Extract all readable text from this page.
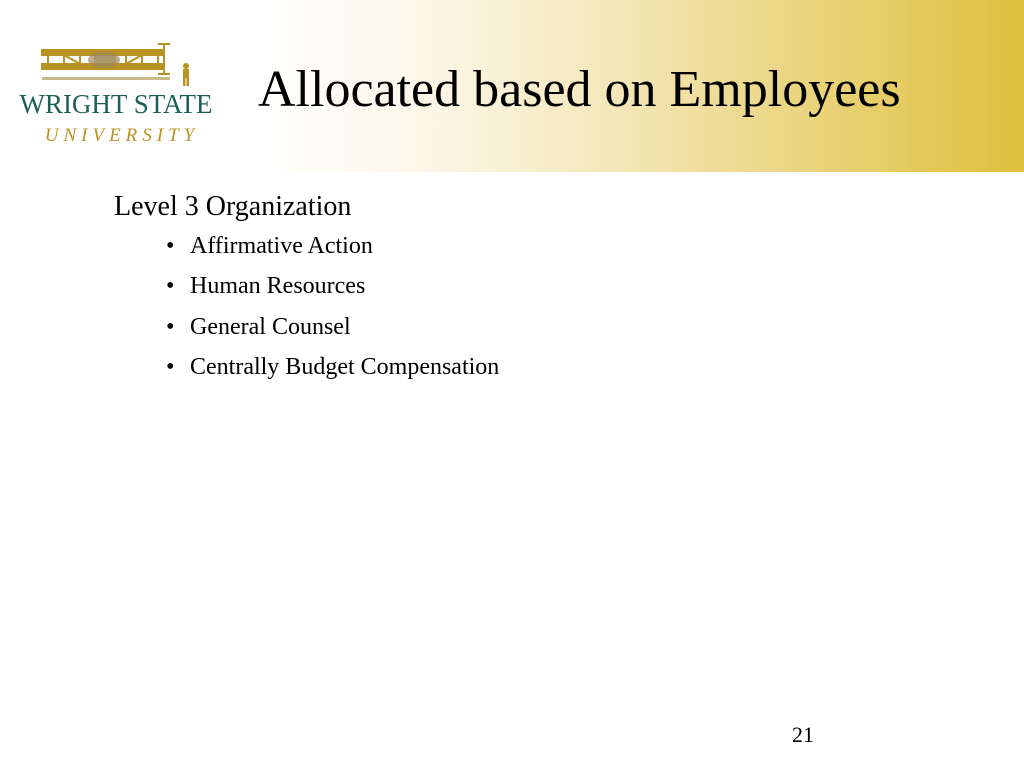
WRIGHT STATE
UNIVERSITY
Allocated based on Employees
Level 3 Organization
• Affirmative Action
• Human Resources
• General Counsel
• Centrally Budget Compensation
21
